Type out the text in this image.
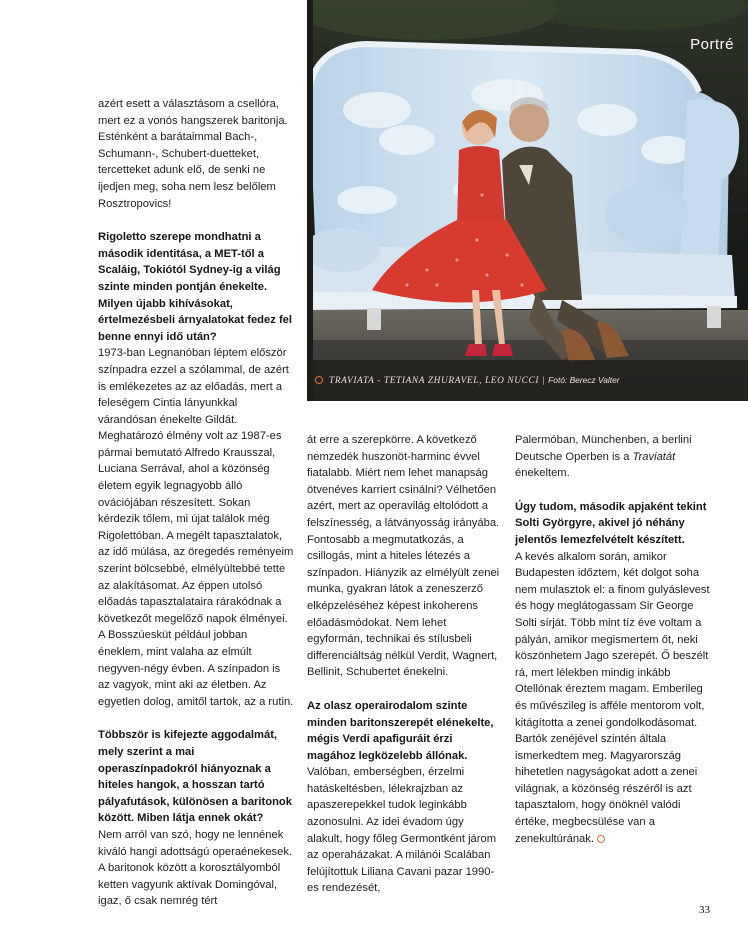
Portré
TRAVIATA - TETIANA ZHURAVEL, LEO NUCCI | Fotó: Berecz Valter

azért esett a választásom a csellóra, mert ez a vonós hangszerek baritonja. Esténként a barátaimmal Bach-, Schumann-, Schubert-duetteket, tercetteket adunk elő, de senki ne ijedjen meg, soha nem lesz belőlem Rosztropovics!

Rigoletto szerepe mondhatni a második identitása, a MET-től a Scaláig, Tokiótól Sydney-ig a világ szinte minden pontján énekelte. Milyen újabb kihívásokat, értelmezésbeli árnyalatokat fedez fel benne ennyi idő után?

1973-ban Legnanóban léptem először színpadra ezzel a szólammal, de azért is emlékezetes az az előadás, mert a feleségem Cintia lányunkkal várandósan énekelte Gildát. Meghatározó élmény volt az 1987-es pármai bemutató Alfredo Krausszal, Luciana Serrával, ahol a közönség életem egyik legnagyobb álló ovációjában részesített. Sokan kérdezik tőlem, mi újat találok még Rigolettóban. A megélt tapasztalatok, az idő múlása, az öregedés reményeim szerint bölcsebbé, elmélyültebbé tette az alakításomat. Az éppen utolsó előadás tapasztalataira rárakódnak a következőt megelőző napok élményei. A Bosszúesküt például jobban éneklem, mint valaha az elmúlt negyven-négy évben. A színpadon is az vagyok, mint aki az életben. Az egyetlen dolog, amitől tartok, az a rutin.

Többször is kifejezte aggodalmát, mely szerint a mai operaszínpadokról hiányoznak a hiteles hangok, a hosszan tartó pályafutások, különösen a baritonok között. Miben látja ennek okát?

Nem arról van szó, hogy ne lennének kiváló hangi adottságú operaénekesek. A baritonok között a korosztályomból ketten vagyunk aktívak Domingóval, igaz, ő csak nemrég tért

át erre a szerepkörre. A következő nemzedék huszonöt-harminc évvel fiatalabb. Miért nem lehet manapság ötvenéves karriert csinálni? Vélhetően azért, mert az operavilág eltolódott a felszínesség, a látványosság irányába. Fontosabb a megmutatkozás, a csillogás, mint a hiteles létezés a színpadon. Hiányzik az elmélyült zenei munka, gyakran látok a zeneszerző elképzeléséhez képest inkoherens előadásmódokat. Nem lehet egyformán, technikai és stílusbeli differenciáltság nélkül Verdit, Wagnert, Bellinit, Schubertet énekelni.

Az olasz operairodalom szinte minden baritonszerepét elénekelte, mégis Verdi apafiguráit érzi magához legközelebb állónak.

Valóban, emberségben, érzelmi hatáskeltésben, lélekrajzban az apaszerepekkel tudok leginkább azonosulni. Az idei évadom úgy alakult, hogy főleg Germontként járom az operaházakat. A milánói Scalában felújítottuk Liliana Cavani pazar 1990-es rendezését,

Palermóban, Münchenben, a berlini Deutsche Operben is a Traviatát énekeltem.

Úgy tudom, második apjaként tekint Solti Györgyre, akivel jó néhány jelentős lemezfelvételt készített.

A kevés alkalom során, amikor Budapesten időztem, két dolgot soha nem mulasztok el: a finom gulyáslevest és hogy meglátogassam Sir George Solti sírját. Több mint tíz éve voltam a pályán, amikor megismertem őt, neki köszönhetem Jago szerepét. Ő beszélt rá, mert lélekben mindig inkább Otellónak éreztem magam. Emberileg és művészileg is afféle mentorom volt, kitágította a zenei gondolkodásomat. Bartók zenéjével szintén általa ismerkedtem meg. Magyarország hihetetlen nagyságokat adott a zenei világnak, a közönség részéről is azt tapasztalom, hogy önöknél valódi értéke, megbecsülése van a zenekultúrának.

33
